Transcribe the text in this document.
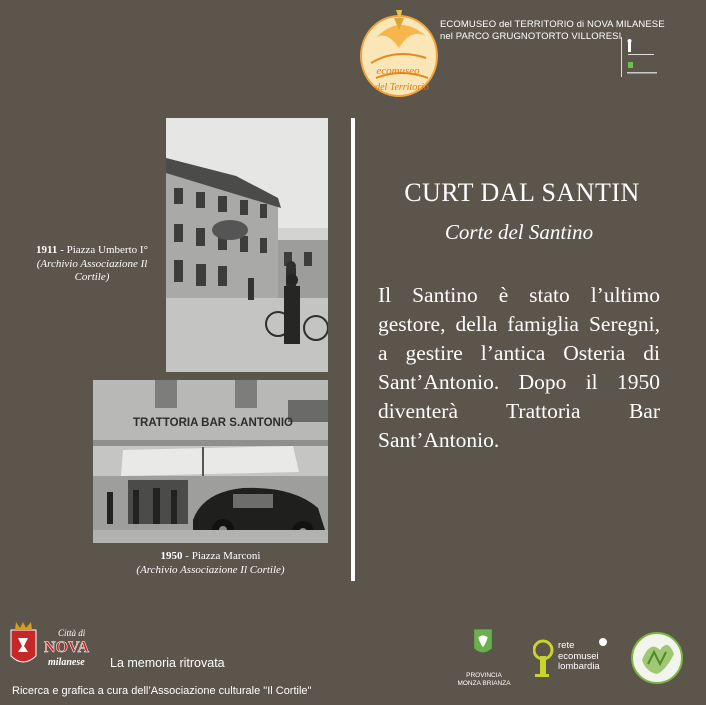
ecomuseo
del Territorio
ECOMUSEO del TERRITORIO di NOVA MILANESE
nel PARCO GRUGNOTORTO VILLORESI
1911 - Piazza Umberto I°
(Archivio Associazione Il Cortile)
TRATTORIA BAR S.ANTONIO
1950 - Piazza Marconi
(Archivio Associazione Il Cortile)
CURT DAL SANTIN
Corte del Santino
Il Santino è stato l’ultimo gestore, della famiglia Seregni, a gestire l’antica Osteria di Sant’Antonio. Dopo il 1950 diventerà Trattoria Bar Sant’Antonio.
Città di
NOVA
milanese La memoria ritrovata
Ricerca e grafica a cura dell’Associazione culturale "Il Cortile"
PROVINCIA
MONZA BRIANZA
rete
ecomusei
lombardia
